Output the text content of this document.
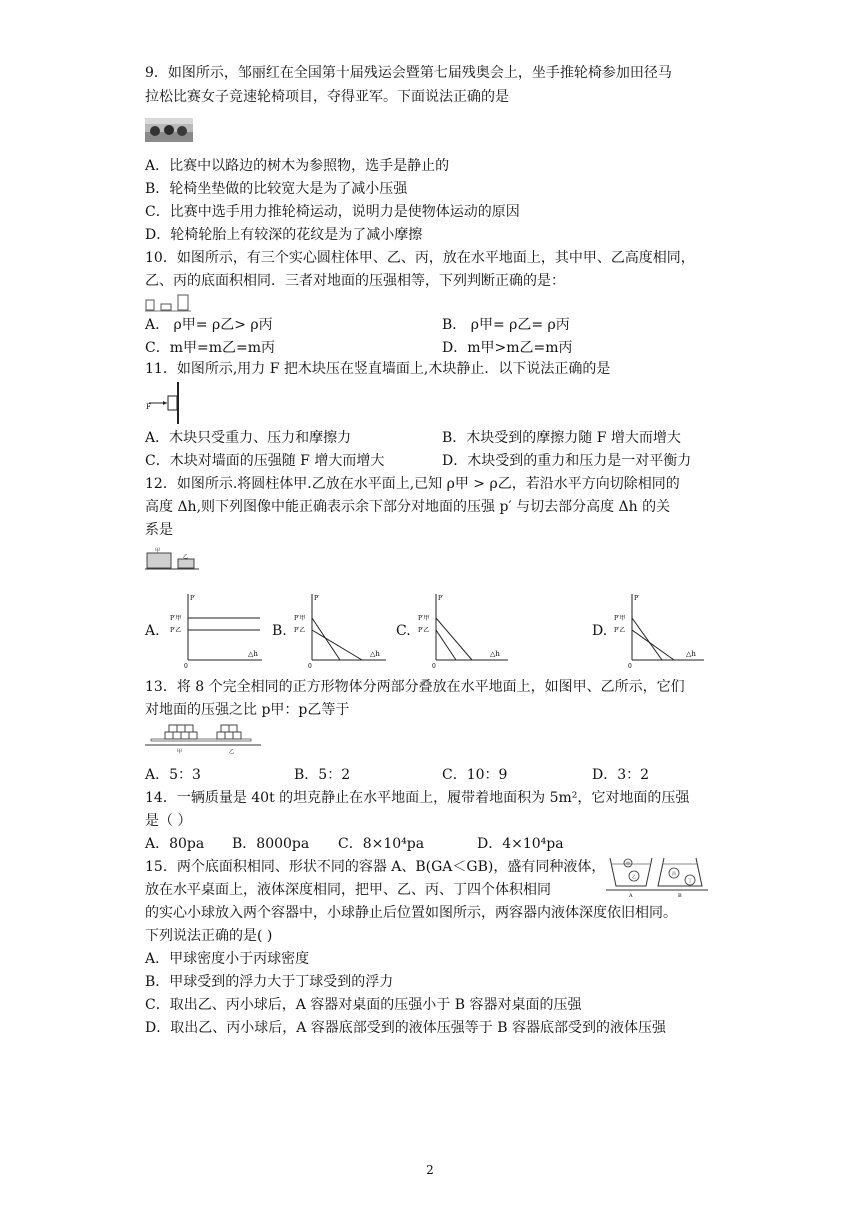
9．如图所示，邹丽红在全国第十届残运会暨第七届残奥会上，坐手推轮椅参加田径马
拉松比赛女子竞速轮椅项目，夺得亚军。下面说法正确的是
A．比赛中以路边的树木为参照物，选手是静止的
B．轮椅坐垫做的比较宽大是为了减小压强
C．比赛中选手用力推轮椅运动，说明力是使物体运动的原因
D．轮椅轮胎上有较深的花纹是为了减小摩擦
10．如图所示，有三个实心圆柱体甲、乙、丙，放在水平地面上，其中甲、乙高度相同，
乙、丙的底面积相同．三者对地面的压强相等，下列判断正确的是：
A． ρ甲= ρ乙> ρ丙	B． ρ甲= ρ乙= ρ丙
C．m甲=m乙=m丙	D．m甲>m乙=m丙
11．如图所示,用力 F 把木块压在竖直墙面上,木块静止．以下说法正确的是
F
A．木块只受重力、压力和摩擦力	B．木块受到的摩擦力随 F 增大而增大
C．木块对墙面的压强随 F 增大而增大	D．木块受到的重力和压力是一对平衡力
12．如图所示.将圆柱体甲.乙放在水平面上,已知 ρ甲 > ρ乙，若沿水平方向切除相同的
高度 Δh,则下列图像中能正确表示余下部分对地面的压强 p′ 与切去部分高度 Δh 的关
系是
甲
乙
A.
P′
P′甲
P′乙
△h
0
B.
P′
P′甲
P′乙
△h
0
C.
P′
P′甲
P′乙
△h
0
D.
P′
P′甲
P′乙
△h
0
13．将 8 个完全相同的正方形物体分两部分叠放在水平地面上，如图甲、乙所示，它们
对地面的压强之比 p甲：p乙等于
甲	乙
A．5：3	B．5：2	C．10：9	D．3：2
14．一辆质量是 40t 的坦克静止在水平地面上，履带着地面积为 5m²，它对地面的压强
是（ ）
A．80pa B．8000pa C．8×10⁴pa	D．4×10⁴pa
15．两个底面积相同、形状不同的容器 A、B(GA＜GB)，盛有同种液体，
放在水平桌面上，液体深度相同，把甲、乙、丙、丁四个体积相同
甲
乙
丙
丁
A	B
的实心小球放入两个容器中，小球静止后位置如图所示，两容器内液体深度依旧相同。
下列说法正确的是( )
A．甲球密度小于丙球密度
B．甲球受到的浮力大于丁球受到的浮力
C．取出乙、丙小球后，A 容器对桌面的压强小于 B 容器对桌面的压强
D．取出乙、丙小球后，A 容器底部受到的液体压强等于 B 容器底部受到的液体压强
2
